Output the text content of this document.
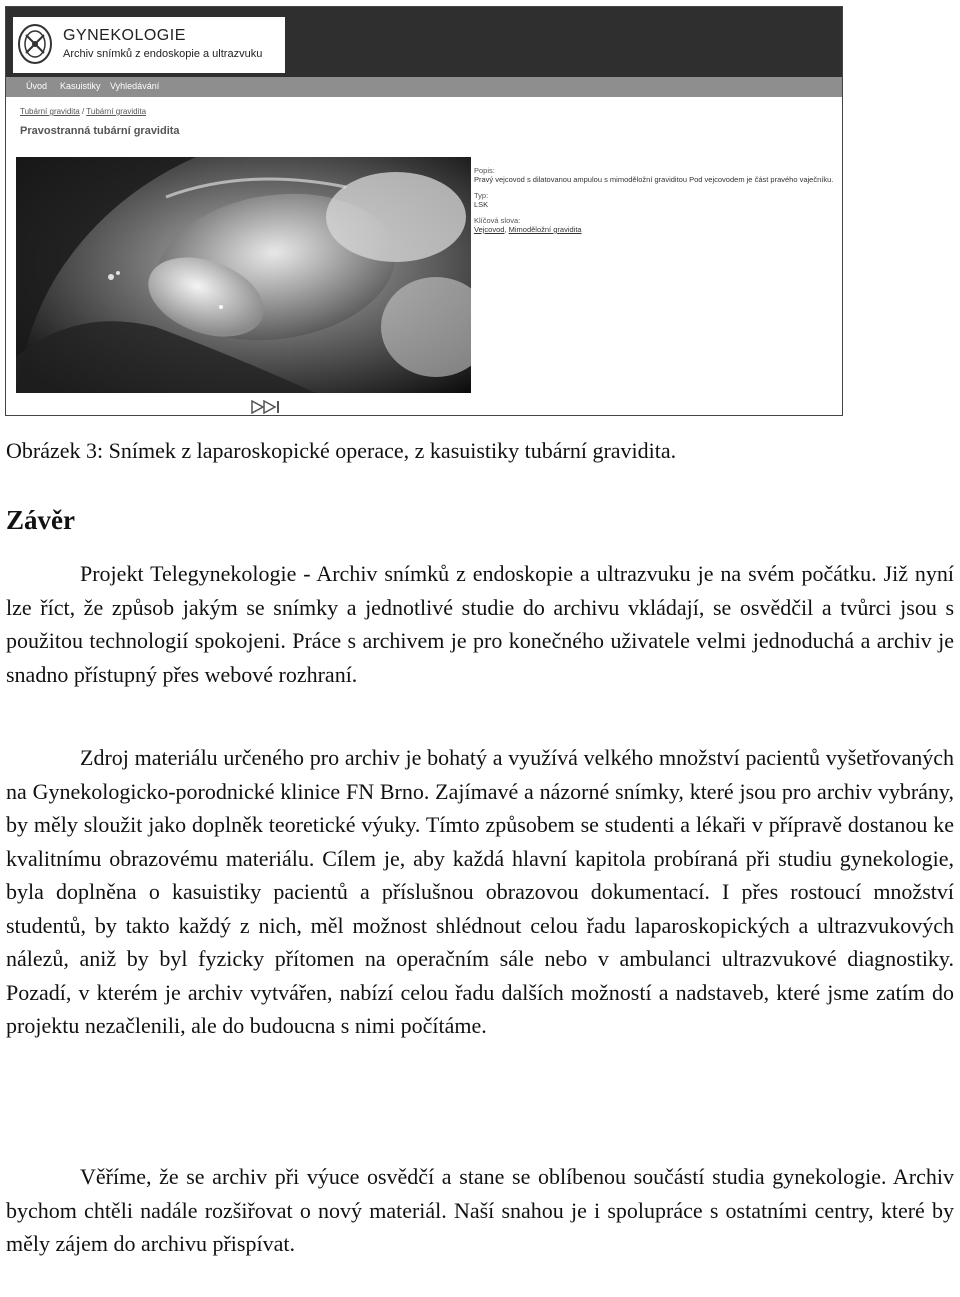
GYNEKOLOGIE
Archiv snímků z endoskopie a ultrazvuku
Úvod Kasuistiky Vyhledávání
Tubární gravidita / Tubární gravidita
Pravostranná tubární gravidita
Popis:
Pravý vejcovod s dilatovanou ampulou s mimoděložní graviditou Pod vejcovodem je část pravého vaječníku.
Typ:
LSK
Klíčová slova:
Vejcovod, Mimoděložní gravidita
Obrázek 3: Snímek z laparoskopické operace, z kasuistiky tubární gravidita.
Závěr

Projekt Telegynekologie - Archiv snímků z endoskopie a ultrazvuku je na svém počátku. Již nyní lze říct, že způsob jakým se snímky a jednotlivé studie do archivu vkládají, se osvědčil a tvůrci jsou s použitou technologií spokojeni. Práce s archivem je pro konečného uživatele velmi jednoduchá a archiv je snadno přístupný přes webové rozhraní.

Zdroj materiálu určeného pro archiv je bohatý a využívá velkého množství pacientů vyšetřovaných na Gynekologicko-porodnické klinice FN Brno. Zajímavé a názorné snímky, které jsou pro archiv vybrány, by měly sloužit jako doplněk teoretické výuky. Tímto způsobem se studenti a lékaři v přípravě dostanou ke kvalitnímu obrazovému materiálu. Cílem je, aby každá hlavní kapitola probíraná při studiu gynekologie, byla doplněna o kasuistiky pacientů a příslušnou obrazovou dokumentací. I přes rostoucí množství studentů, by takto každý z nich, měl možnost shlédnout celou řadu laparoskopických a ultrazvukových nálezů, aniž by byl fyzicky přítomen na operačním sále nebo v ambulanci ultrazvukové diagnostiky. Pozadí, v kterém je archiv vytvářen, nabízí celou řadu dalších možností a nadstaveb, které jsme zatím do projektu nezačlenili, ale do budoucna s nimi počítáme.

Věříme, že se archiv při výuce osvědčí a stane se oblíbenou součástí studia gynekologie. Archiv bychom chtěli nadále rozšiřovat o nový materiál. Naší snahou je i spolupráce s ostatními centry, které by měly zájem do archivu přispívat.
